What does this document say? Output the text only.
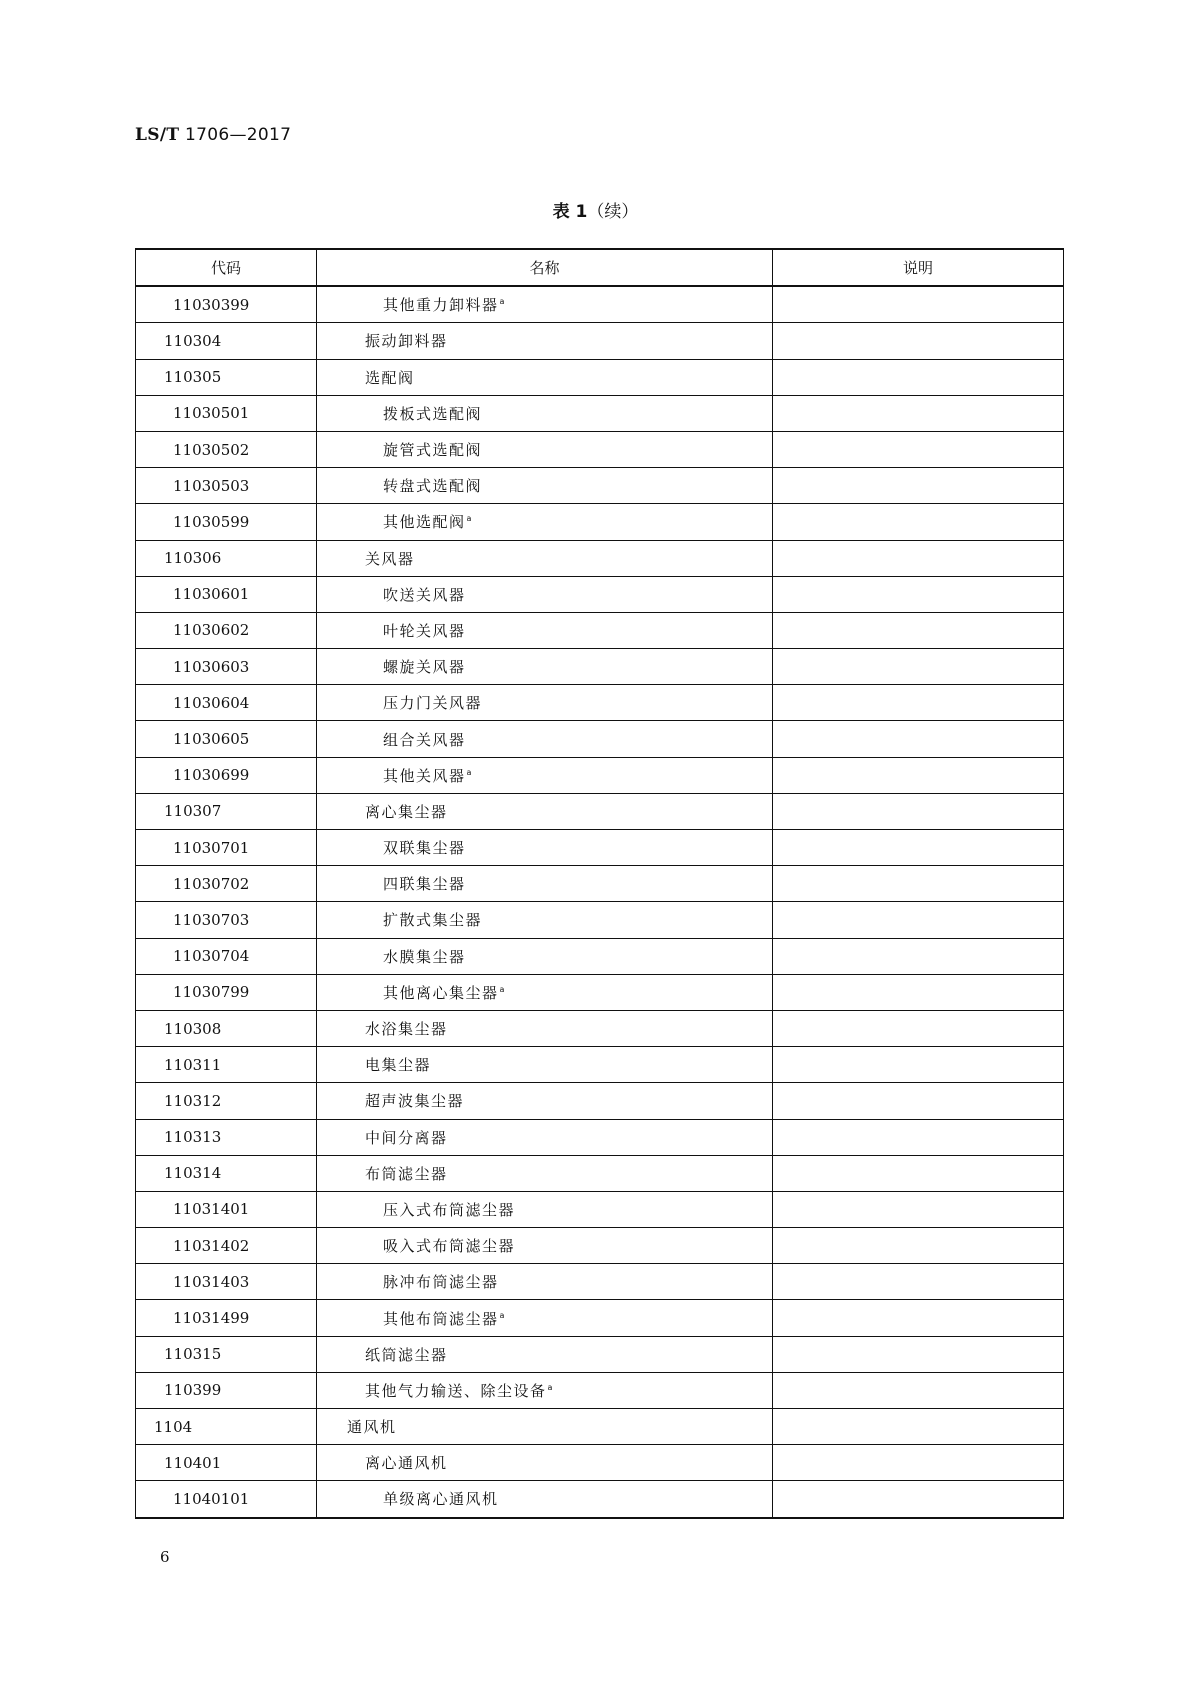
LS/T 1706—2017
表 1（续）
代码	名称	说明
11030399	其他重力卸料器$^a$	
110304	振动卸料器	
110305	选配阀	
11030501	拨板式选配阀	
11030502	旋管式选配阀	
11030503	转盘式选配阀	
11030599	其他选配阀$^a$	
110306	关风器	
11030601	吹送关风器	
11030602	叶轮关风器	
11030603	螺旋关风器	
11030604	压力门关风器	
11030605	组合关风器	
11030699	其他关风器$^a$	
110307	离心集尘器	
11030701	双联集尘器	
11030702	四联集尘器	
11030703	扩散式集尘器	
11030704	水膜集尘器	
11030799	其他离心集尘器$^a$	
110308	水浴集尘器	
110311	电集尘器	
110312	超声波集尘器	
110313	中间分离器	
110314	布筒滤尘器	
11031401	压入式布筒滤尘器	
11031402	吸入式布筒滤尘器	
11031403	脉冲布筒滤尘器	
11031499	其他布筒滤尘器$^a$	
110315	纸筒滤尘器	
110399	其他气力输送、除尘设备$^a$	
1104	通风机	
110401	离心通风机	
11040101	单级离心通风机	
6
